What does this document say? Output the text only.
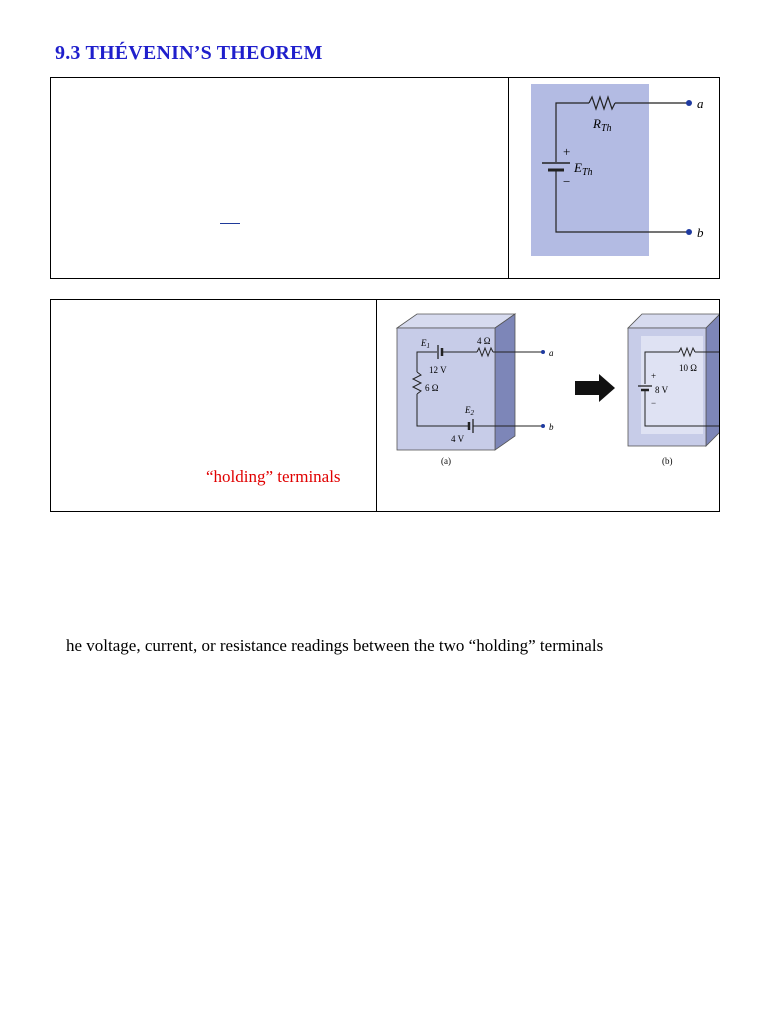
9.3 THÉVENIN’S THEOREM
a
b
$R_{Th}$
$E_{Th}$
+
−
“holding” terminals
$E_1$
12 V
4 Ω
6 Ω
$E_2$
4 V
a
b
(a)
10 Ω
8 V
+
−
(b)
he voltage, current, or resistance readings between the two “holding” terminals
